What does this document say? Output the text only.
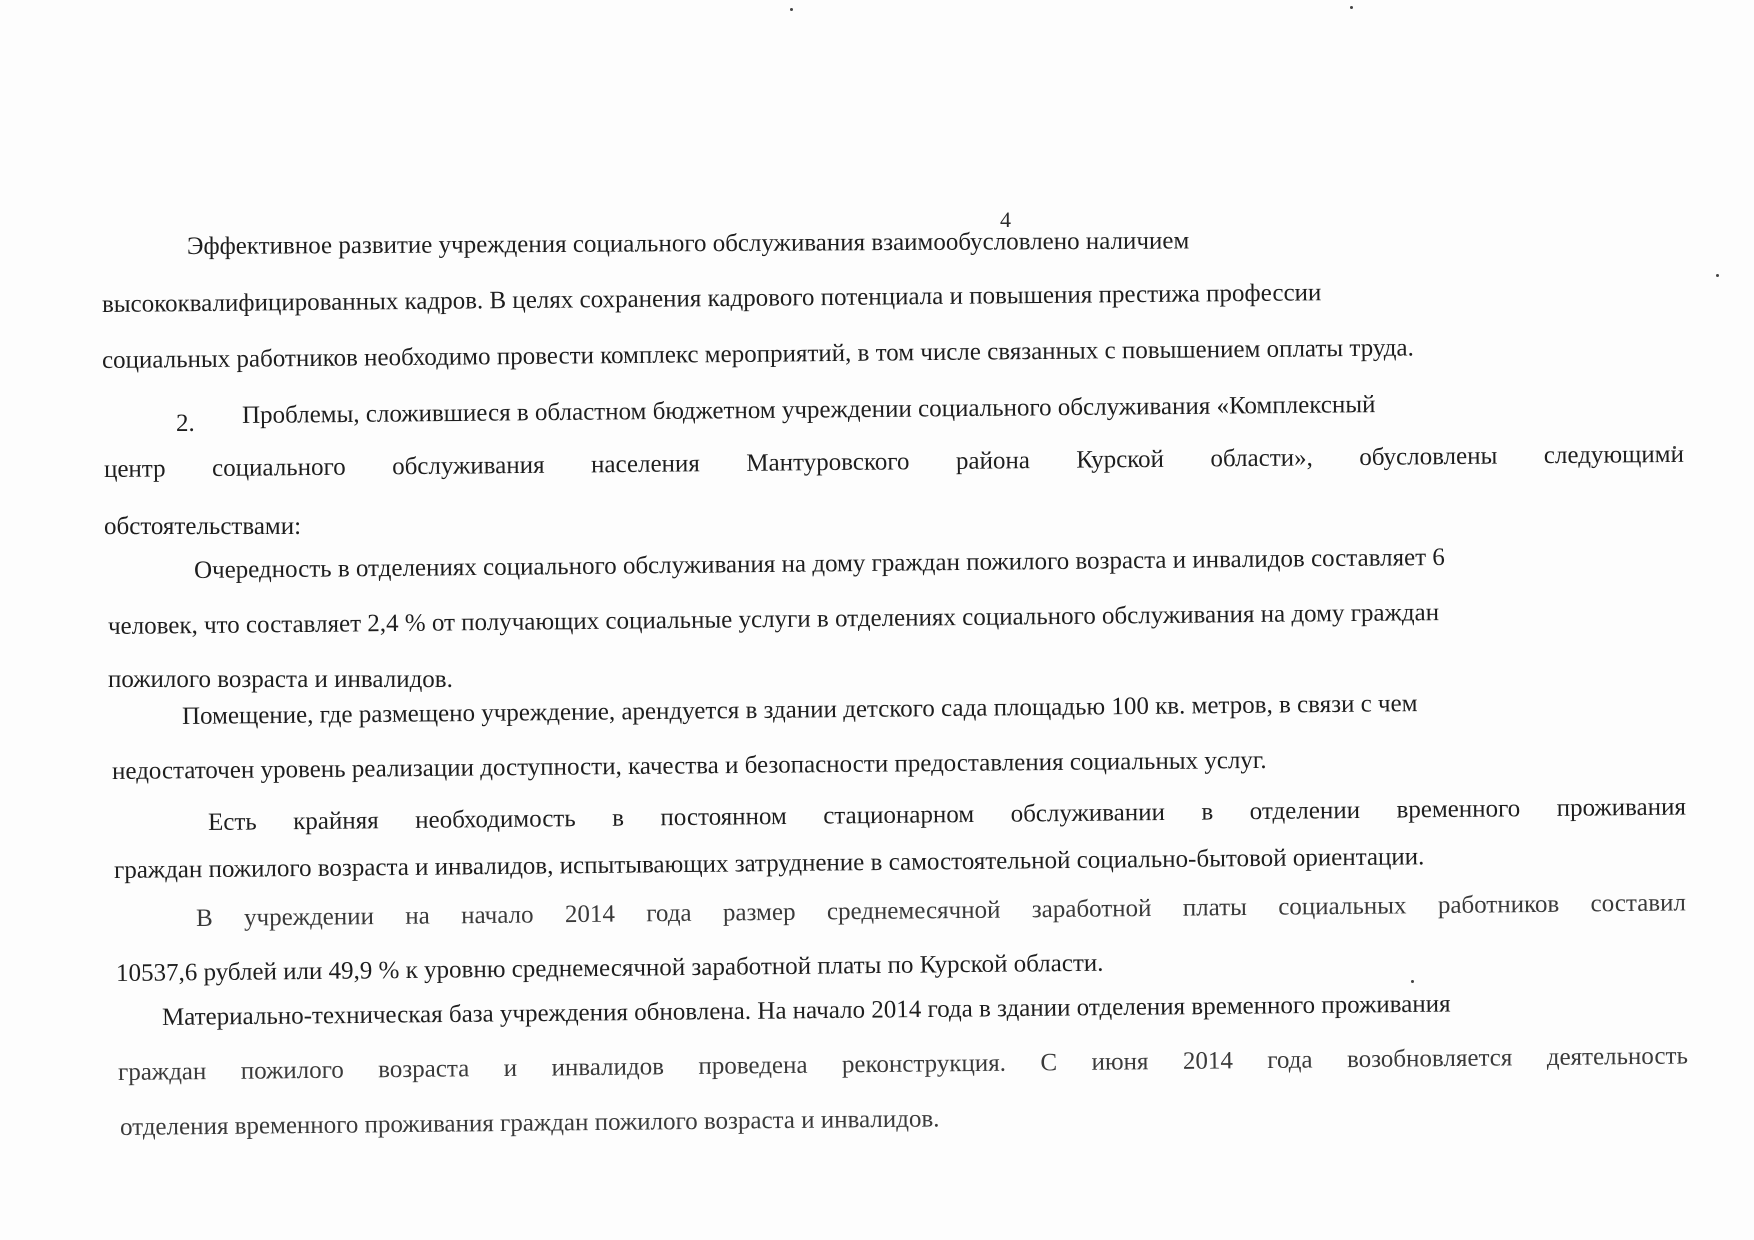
4
Эффективное развитие учреждения социального обслуживания взаимообусловлено наличием
высококвалифицированных кадров. В целях сохранения кадрового потенциала и повышения престижа профессии
социальных работников необходимо провести комплекс мероприятий, в том числе связанных с повышением оплаты труда.
2. Проблемы, сложившиеся в областном бюджетном учреждении социального обслуживания «Комплексный
центр социального обслуживания населения Мантуровского района Курской области», обусловлены следующими
обстоятельствами:
Очередность в отделениях социального обслуживания на дому граждан пожилого возраста и инвалидов составляет 6
человек, что составляет 2,4 % от получающих социальные услуги в отделениях социального обслуживания на дому граждан
пожилого возраста и инвалидов.
Помещение, где размещено учреждение, арендуется в здании детского сада площадью 100 кв. метров, в связи с чем
недостаточен уровень реализации доступности, качества и безопасности предоставления социальных услуг.
Есть крайняя необходимость в постоянном стационарном обслуживании в отделении временного проживания
граждан пожилого возраста и инвалидов, испытывающих затруднение в самостоятельной социально-бытовой ориентации.
В учреждении на начало 2014 года размер среднемесячной заработной платы социальных работников составил
10537,6 рублей или 49,9 % к уровню среднемесячной заработной платы по Курской области.
Материально-техническая база учреждения обновлена. На начало 2014 года в здании отделения временного проживания
граждан пожилого возраста и инвалидов проведена реконструкция. С июня 2014 года возобновляется деятельность
отделения временного проживания граждан пожилого возраста и инвалидов.
